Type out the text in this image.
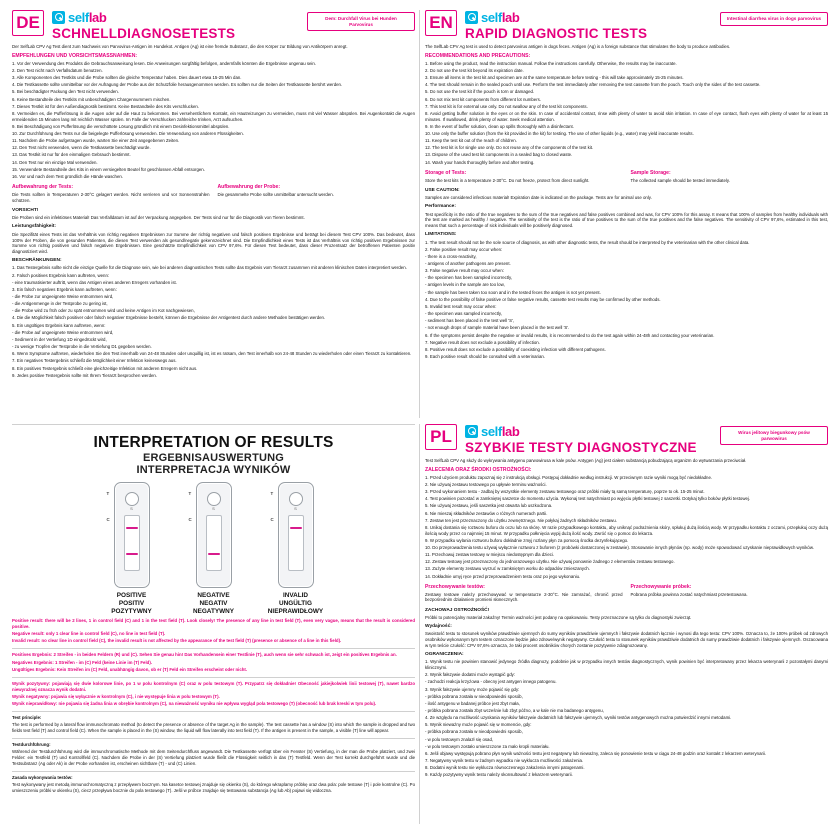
DE	selflab
SCHNELLDIAGNOSETESTS
Dem: Durchfall Virus bei Hunden Parvovirus

Der SelfLab CPV Ag Test dient zum Nachweis von Parvovirus-Antigen im Hundekot. Antigen (Ag) ist eine fremde Substanz, die den Körper zur Bildung von Antikörpern anregt.

EMPFEHLUNGEN UND VORSICHTSMASSNAHMEN:

1. Vor der Verwendung des Produkts die Gebrauchsanweisung lesen. Die Anweisungen sorgfältig befolgen, andernfalls könnten die Ergebnisse ungenau sein.

2. Den Test nicht nach Verfallsdatum benutzen.

3. Alle Komponenten des Testkits und die Probe sollten die gleiche Temperatur haben. Dies dauert etwa 15-25 Min dan.

4. Die Testkassette sollte unmittelbar vor der Aufragung der Probe aus der Schutzfolie herausgenommen werden. Es sollten nur die Seiten der Testkassette berührt werden.

5. Bei beschädigter Packung den Test nicht verwenden.

6. Keine Bestandteile des Testkits mit unbeschädigten Chargennummern mischen.

7. Dieses Testkit ist für den Außendiagnostik bestimmt. Keine Bestandteile des Kits verschlucken.

8. Vermeiden es, die Pufferlösung in die Augen oder auf die Haut zu bekommen. Bei versehentlichem Kontakt, ein Hautreizungen zu vermeiden, muss mit viel Wasser abspülen. Bei Augenkontakt die Augen ermeidenden 15 Minuten lang mit reichlich Wasser spülen. Im Falle der Verschlucken zahlreiche trinken, Arzt aufsuchen.

9. Bei Beschädigung von Pufferlösung die verschüttete Lösung gründlich mit einem Desinfektionsmittel abspülen.

10. Zur Durchführung des Tests nur die beigelegte Pufferlösung verwenden. Die Verwendung von anderen Flüssigkeiten.

11. Nachdem die Probe aufgetragen wurde, warten Sie einer Zeit angegebenen Zeiten.

12. Den Test nicht verwenden, wenn die Testkassette beschädigt wurde.

13. Das Testkit ist nur für den einmaligen Gebrauch bestimmt.

14. Den Test nur ein einzige Mal verwenden.

15. Verwendete Bestandteile des Kits in einem versiegelten Beutel für geschlossen Abfall entsorgen.

16. Vor und nach dem Test gründlich die Hände waschen.

Aufbewahrung der Tests:

Die Tests sollten in Temperaturen 2-30°C gelagert werden. Nicht verrieren und vor Sonnenstrahlen schützen.

Aufbewahrung der Probe:

Die gesammelte Probe sollte unmittelbar untersucht werden.

VORSICHT!

Die Proben sind ein infektiöses Material! Das Verfalldatum ist auf der Verpackung angegeben. Der Tests sind nur für die Diagnostik von Tieren bestimmt.

Leistungsfähigkeit:

Die Spezifität eines Tests ist das Verhältnis von richtig negativen Ergebnissen zur Summe der richtig negativen und falsch positiven Ergebnisse und beträgt bei diesem Test CPV 100%. Das bedeutet, dass 100% der Proben, die von gesunden Patienten, die diesen Test verwenden als gesund/negativ gekennzeichnet sind. Die Empfindlichkeit eines Tests ist das Verhältnis von richtig positiven Ergebnissen zur Summe von richtig positiven und falsch negativen Ergebnissen. Eine geschätzte Empfindlichkeit von CPV 97,6%. Für diesen Test bedeutet, dass dieser Prozentsatz der betroffenen Patienten positiv diagnostiziert wird.

BESCHRÄNKUNGEN:

1. Das Testergebnis sollte nicht die einzige Quelle für die Diagnose sein, wie bei anderen diagnostischen Tests sollte das Ergebnis vom Tierarzt zusammen mit anderen klinischen Daten interpretiert werden.

2. Falsch positives Ergebnis kann auftreten, wenn:

- eine traumatisierter auftritt, wenn das Antigen eines anderen Erregers vorhanden ist.

3. Ein falsch negatives Ergebnis kann auftreten, wenn:

- die Probe zur ungeeignete Weise entnommen wird,

- die Antigenmenge in der Testprobe zu gering ist,

- die Probe wird zu früh oder zu spät entnommen wird und keine Antigen im Kot nachgewiesen,

4. Die die Möglichkeit falsch positiver oder falsch negativer Ergebnisse besteht, können die Ergebnisse der Antigentest durch andere Methoden bestätigen werden.

5. Ein ungültiges Ergebnis kann auftreten, wenn:

- die Probe auf ungeeignete Weise entnommen wird,

- Sediment in der Vertiefung 1D eingedrückt wird,

- zu wenige Tropfen der Testprobe in die Vertiefung D1 gegeben werden.

6. Wenn Symptome auftreten, wiederholen Sie den Test innerhalb von 24-48 Stunden oder unquillig ist, ist es ratsam, den Test innerhalb von 24-48 Stunden zu wiederholen oder einen Tierarzt zu kontaktieren.

7. Ein negatives Testergebnis schließt die Möglichkeit einer Infektion keineswegs aus.

8. Ein positives Testergebnis schließt eine gleichzeitige Infektion mit anderen Erregern nicht aus.

9. Jedes positive Testergebnis sollte mit Ihrem Tierarzt besprochen werden.

EN	selflab
RAPID DIAGNOSTIC TESTS
Intestinal diarrhea virus in dogs parvovirus

The SelfLab CPV Ag test is used to detect parvovirus antigen in dogs feces. Antigen (Ag) is a foreign substance that stimulates the body to produce antibodies.

RECOMMENDATIONS AND PRECAUTIONS:

1. Before using the product, read the instruction manual. Follow the instructions carefully. Otherwise, the results may be inaccurate.

2. Do not use the test kit beyond its expiration date.

3. Ensure all items in the test kit and specimen are at the same temperature before testing - this will take approximately 15-25 minutes.

4. The test should remain in the sealed pouch until use. Perform the test immediately after removing the test cassette from the pouch. Touch only the sides of the test cassette.

5. Do not use the test kit if the pouch is torn or damaged.

6. Do not mix test kit components from different lot numbers.

7. This test kit is for external use only. Do not swallow any of the test kit components.

8. Avoid getting buffer solution in the eyes or on the skin. In case of accidental contact, rinse with plenty of water to avoid skin irritation. In case of eye contact, flush eyes with plenty of water for at least 15 minutes. If swallowed, drink plenty of water. Seek medical attention.

9. In the event of buffer solution, clean up spills thoroughly with a disinfectant.

10. Use only the buffer solution (from the kit provided in the kit) for testing. The use of other liquids (e.g., water) may yield inaccurate results.

11. Keep the test kit out of the reach of children.

12. The test kit is for single use only. Do not reuse any of the components of the test kit.

13. Dispose of the used test kit components in a sealed bag to closed waste.

14. Wash your hands thoroughly before and after testing.

Storage of Tests:

Store the test kits in a temperature 2-30°C. Do not freeze, protect from direct sunlight.

Sample Storage:

The collected sample should be tested immediately.

USE CAUTION:

Samples are considered infectious material! Expiration date is indicated on the package. Tests are for animal use only.

Performance:

Test specificity is the ratio of the true negatives to the sum of the true negatives and false positives combined and was, for CPV 100% for this assay. It means that 100% of samples from healthy individuals with the test are marked as healthy / negative. The sensitivity of the test is the ratio of true positives to the sum of the true positives and the false negatives. The sensitivity of CPV 97,6%, estimated in this test, means that such a percentage of sick individuals will be positively diagnosed.

LIMITATIONS:

1. The test result should not be the sole source of diagnosis, as with other diagnostic tests, the result should be interpreted by the veterinarian with the other clinical data.

2. False positive result may occur when:

- there is a cross-reactivity,

- antigens of another pathogens are present.

3. False negative result may occur when:

- the specimen has been sampled incorrectly,

- antigen levels in the sample are too low,

- the sample has been taken too soon and in the tested feces the antigen is not yet present.

4. Due to the possibility of false positive or false negative results, cassette test results may be confirmed by other methods.

5. Invalid test result may occur when:

- the specimen was sampled incorrectly,

- sediment has been placed in the test well 'S',

- not enough drops of sample material have been placed in the test well 'S'.

6. If the symptoms persist despite the negative or invalid results, it is recommended to do the test again within 24-48h and contacting your veterinarian.

7. Negative result does not exclude a possibility of infection.

8. Positive result does not exclude a possibility of coexisting infection with different pathogens.

9. Each positive result should be consulted with a veterinarian.

INTERPRETATION OF RESULTS
ERGEBNISAUSWERTUNG
INTERPRETACJA WYNIKÓW
S
T
C
POSITIVE
POSITIV
POZYTYWNY
S
T
C
NEGATIVE
NEGATIV
NEGATYWNY
S
T
C
INVALID
UNGÜLTIG
NIEPRAWIDŁOWY

Positive result: there will be 2 lines, 1 in control field (C) and 1 in the test field (T). Look closely! The presence of any line in test field (T), even very vague, means that the result is considered positive.

Negative result: only 1 clear line in control field (C), no line in test field (T).

Invalid result: no clear line in control field (C), the invalid result is not affected by the appearance of the test field (T) (presence or absence of a line in this field).

Positives Ergebnis: 2 Streifen - in beiden Feldern (R) und (C). Sehen Sie genau hin! Das Vorhandensein einer Testlinie (T), auch wenn sie sehr schwach ist, zeigt ein positives Ergebnis an.

Negatives Ergebnis: 1 Streifen - im (C) Feld (keine Linie im (T) Feld).

Ungültiges Ergebnis: Kein Streifen im (C) Feld, unabhängig davon, ob er (T) Feld ein Streifen erscheint oder nicht.

Wynik pozytywny: pojawiają się dwie kolorowe linie, po 1 w polu kontrolnym (C) oraz w polu testowym (T). Przypatrz się dokładnie! Obecność jakiejkolwiek linii testowej (T), nawet bardzo niewyraźnej oznacza wynik dodatni.

Wynik negatywny: pojawia się wyłącznie w kontrolnym (C), i nie występuje linia w polu testowym (T).

Wynik nieprawidłowy: nie pojawia się żadna linia w obrębie kontrolnym (C), na nieważność wyniku nie wpływa wygląd pola testowego (T) (obecność lub brak kreski w tym polu).

Test principle:

The test is performed by a lateral flow immunochromato method (to detect the presence or absence of the target Ag in the sample). The test cassette has a window (S) into which the sample is dropped and two fields test field (T) and control field (C). When the sample is placed in the (S) window, the liquid will flow laterally into test field (T). If the antigen is present in the sample, a visible (T) line will appear.

Testdurchführung:

Während der Testdurchführung wird die immunchromatische Methode mit dem Seitendurchfluss angewandt. Die Testkassette verfügt über ein Fenster (S) Vertiefung, in der man die Probe platziert, und zwei Felder: ein Testfeld (T) und Kontrollfeld (C). Nachdem die Probe in der (S) Vertiefung platziert wurde fließt die Flüssigkeit seitlich in das (T) Testfeld. Wenn der Test korrekt durchgeführt wurde und die Testsubstanz (Ag oder Ak) in der Probe vorhanden ist, erscheinen sichtbare (T) - und (C) Linien.

Zasada wykonywania testów:

Test wykonywany jest metodą immunochromatyczną z przepływem bocznym. Na kasetce testowej znajduje się okienko (S), do którego wkraplamy próbkę oraz dwa pola: pole testowe (T) i pole kontrolne (C). Po umieszczeniu próbki w okienku (S), ciecz przepływa bocznie do pola testowego (T). Jeśli w próbce znajduje się testowana substancja (Ag lub Ab) pojawi się widoczna.

PL	selflab
SZYBKIE TESTY DIAGNOSTYCZNE
Wirus jelitowy biegunkowy psów parwowirus

Test SelfLab CPV Ag służy do wykrywania antygenu parwowirusa w kale psów. Antygen (Ag) jest ciałem substancją pobudzającą organizm do wytwarzania przeciwciał.

ZALECENIA ORAZ ŚRODKI OSTROŻNOŚCI:

1. Przed użyciem produktu zapoznaj się z instrukcją obsługi. Postępuj dokładnie według instrukcji. W przeciwnym razie wyniki mogą być niedokładne.

2. Nie używaj zestawu testowego po upływie terminu ważności.

3. Przed wykonaniem testu - zadbaj by wszystkie elementy zestawu testowego oraz próbki miały tą samą temperaturę, poprze to ok. 15-25 minut.

4. Test powinien pozostać w zamkniętej saszetce do momentu użycia. Wykonaj test natychmiast po wyjęciu płytki testowej z saszetki. Dotykaj tylko boków płytki testowej.

5. Nie używaj zestawu, jeśli saszetka jest otwarta lub uszkodzona.

6. Nie mieszaj składników zestawów o różnych numerach partii.

7. Zestaw ten jest przeznaczony do użytku zewnętrznego. Nie połykaj żadnych składników zestawu.

8. Unikaj dostania się roztworu buforu do oczu lub na skórę. W razie przypadkowego kontaktu, aby uniknąć podrażnienia skóry, spłukuj dużą ilością wody. W przypadku kontaktu z oczami, przepłukuj oczy dużą ilością wody przez co najmniej 15 minut. W przypadku połknięcia wypij dużą ilość wody. Zwróć się o pomoc do lekarza.

9. W przypadku wylania roztworu buforu dokładnie zmyj rozlany płyn za pomocą środka dezynfekującego.

10. Do przeprowadzenia testu używaj wyłącznie roztworu z buforem (z probówki dostarczonej w zestawie). Stosowanie innych płynów (np. wody) może spowodować uzyskanie nieprawidłowych wyników.

11. Przechowuj zestaw testowy w miejscu niedostępnym dla dzieci.

12. Zestaw testowy jest przeznaczony do jednorazowego użytku. Nie używaj ponownie żadnego z elementów zestawu testowego.

13. Zużyte elementy zestawu wyrzuć w zamkniętym worku do odpadów zmieszanych.

14. Dokładnie umyj ręce przed przeprowadzeniem testu oraz po jego wykonaniu.

Przechowywanie testów:

Zestawy testowe należy przechowywać w temperaturze 2-30°C. Nie zamrażać, chronić przed bezpośrednim działaniem promieni słonecznych.

Przechowywanie próbek:

Pobrana próbka powinna zostać natychmiast przetestowana.

ZACHOWAJ OSTROŻNOŚĆ!

Próbki to potencjalny materiał zakaźny! Termin ważności jest podany na opakowaniu. Testy przeznaczone są tylko do diagnostyki zwierząt.

Wydajność:

Swoistość testu to stosunek wyników prawdziwie ujemnych do sumy wyników prawdziwie ujemnych i fałszywie dodatnich łącznie i wynosi dla tego testu: CPV 100%. Oznacza to, że 100% próbek od zdrowych osobników wykonanym tym testem oznaczone będzie jako zdrowe/wynik negatywny. Czułość testu to stosunek wyników prawdziwie dodatnich do sumy prawdziwie dodatnich i fałszywie ujemnych. Oszacowana w tym teście czułość: CPV 97,6% oznacza, że taki procent osobników chorych zostanie pozytywnie zdiagnozowany.

OGRANICZENIA:

1. Wynik testu nie powinien stanowić jedynego źródła diagnozy, podobnie jak w przypadku innych testów diagnostycznych, wynik powinien być interpretowany przez lekarza weterynarii z pozostałymi danymi klinicznymi.

2. Wynik fałszywie dodatni może wystąpić gdy:

- zachodzi reakcja krzyżowa - obecny jest antygen innego patogenu.

3. Wynik fałszywie ujemny może pojawić się gdy:

- próbka pobrana została w nieodpowiedni sposób,

- ilość antygenu w badanej próbce jest zbyt mała,

- próbka pobrana została zbyt wcześnie lub zbyt późno, a w kale nie ma badanego antygenu,

4. Ze względu na możliwość uzyskania wyników fałszywie dodatnich lub fałszywie ujemnych, wyniki testów antygenowych można potwierdzić innymi metodami.

5. Wynik nieważny może pojawić się w momencie, gdy:

- próbka pobrana została w nieodpowiedni sposób,

- w polu testowym znalazł się osad,

- w polu testowym zostało umieszczone za mało kropli materiału.

6. Jeśli objawy występują pobrano płyn wynik ważności testu jest negatywny lub nieważny, zaleca się ponowienie testu w ciągu 24-48 godzin oraz kontakt z lekarzem weterynarii.

7. Negatywny wynik testu w żadnym wypadku nie wyklucza możliwości zakażenia.

8. Dodatni wynik testu nie wyklucza równoczesnego zakażenia innymi patogenami.

9. Każdy pozytywny wynik testu należy skonsultować z lekarzem weterynarii.
